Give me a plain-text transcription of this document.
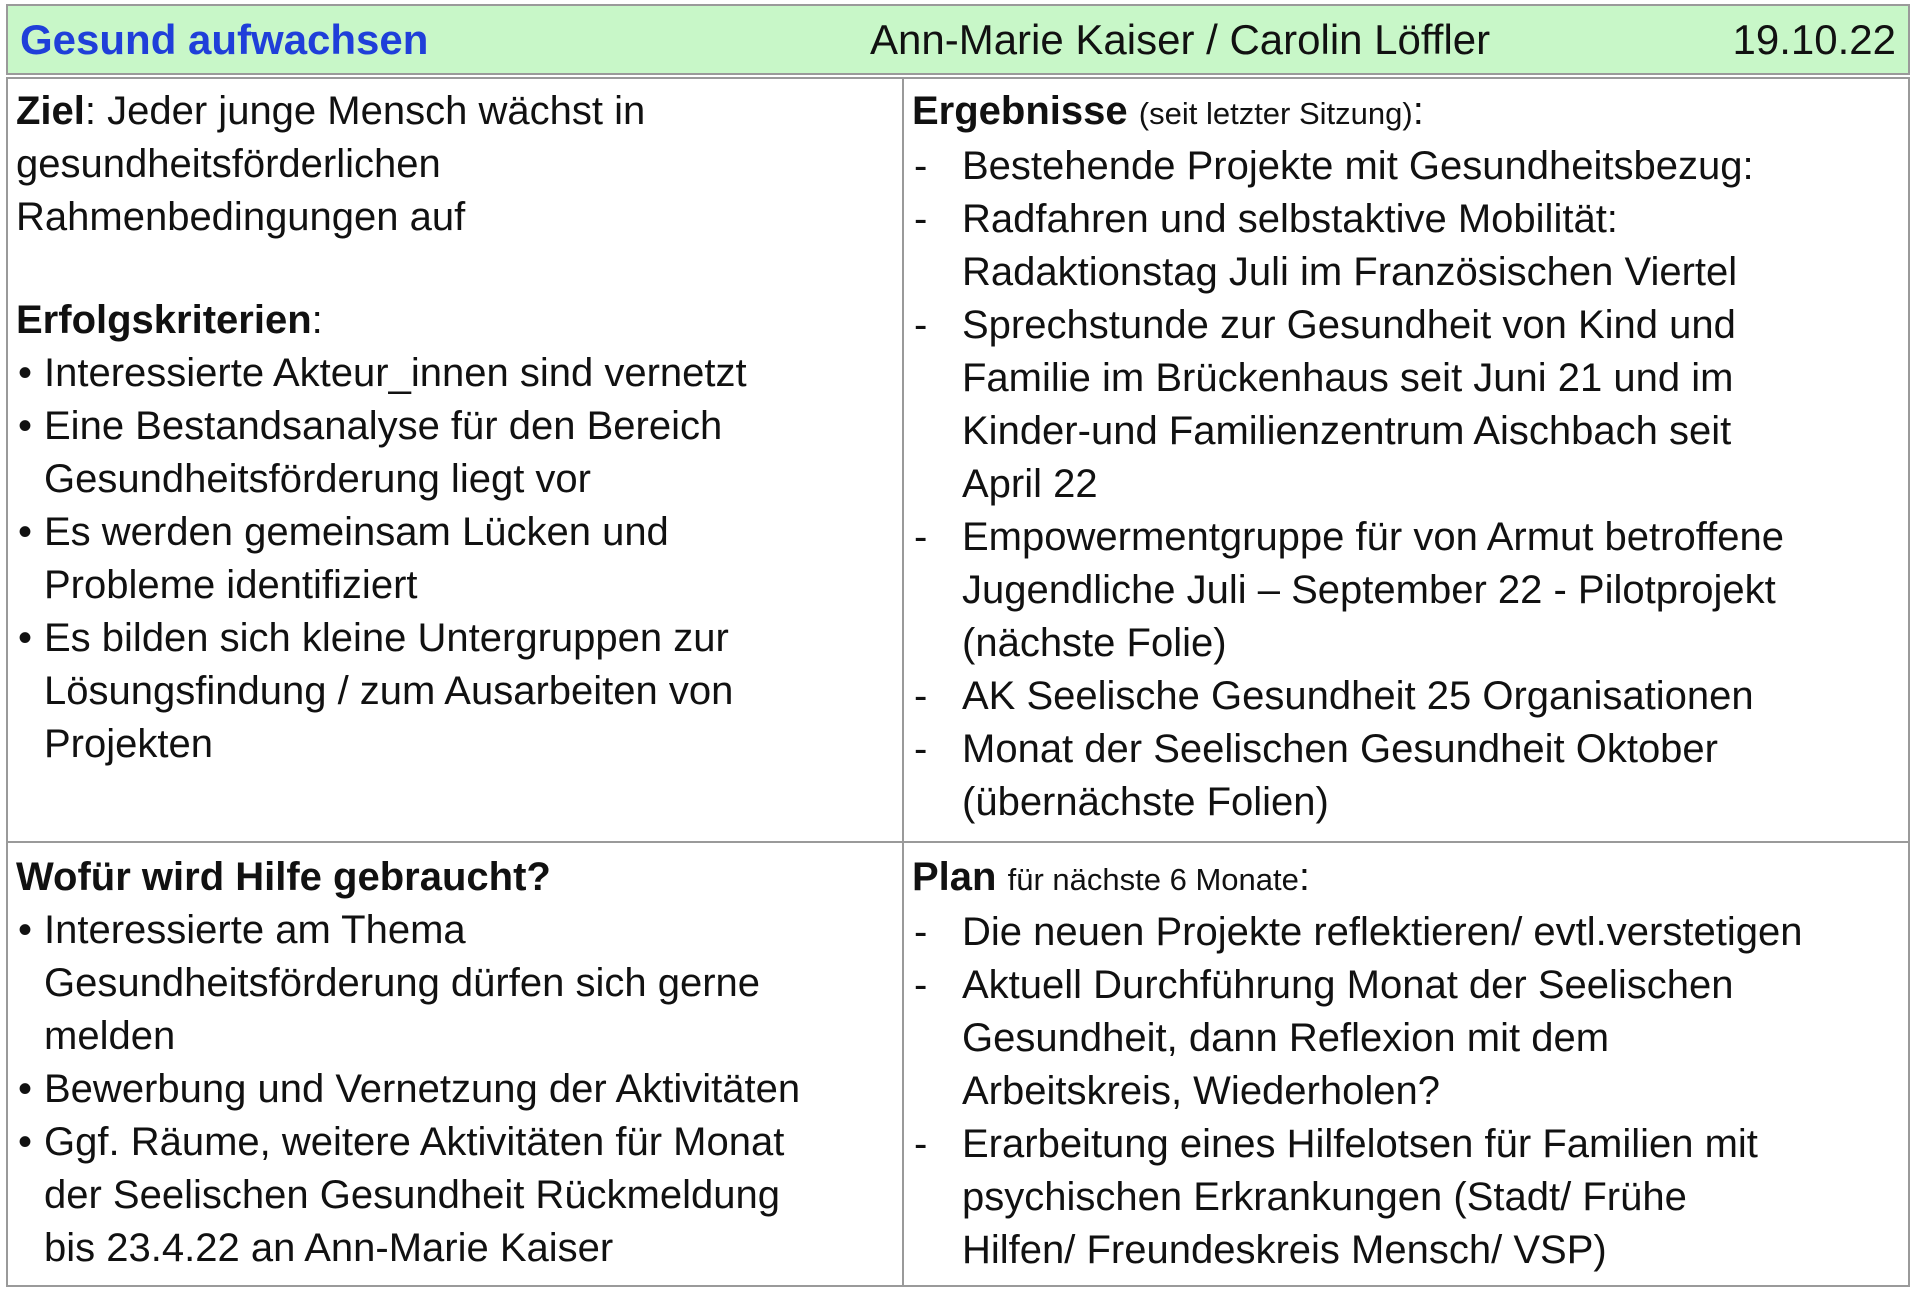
Gesund aufwachsen	Ann-Marie Kaiser / Carolin Löffler	19.10.22
Ziel: Jeder junge Mensch wächst in
gesundheitsförderlichen
Rahmenbedingungen auf
Erfolgskriterien:
• Interessierte Akteur_innen sind vernetzt
• Eine Bestandsanalyse für den Bereich
Gesundheitsförderung liegt vor
• Es werden gemeinsam Lücken und
Probleme identifiziert
• Es bilden sich kleine Untergruppen zur
Lösungsfindung / zum Ausarbeiten von
Projekten
Ergebnisse (seit letzter Sitzung):
- Bestehende Projekte mit Gesundheitsbezug:
- Radfahren und selbstaktive Mobilität:
Radaktionstag Juli im Französischen Viertel
- Sprechstunde zur Gesundheit von Kind und
Familie im Brückenhaus seit Juni 21 und im
Kinder-und Familienzentrum Aischbach seit
April 22
- Empowermentgruppe für von Armut betroffene
Jugendliche Juli – September 22 - Pilotprojekt
(nächste Folie)
- AK Seelische Gesundheit 25 Organisationen
- Monat der Seelischen Gesundheit Oktober
(übernächste Folien)
Wofür wird Hilfe gebraucht?
• Interessierte am Thema
Gesundheitsförderung dürfen sich gerne
melden
• Bewerbung und Vernetzung der Aktivitäten
• Ggf. Räume, weitere Aktivitäten für Monat
der Seelischen Gesundheit Rückmeldung
bis 23.4.22 an Ann-Marie Kaiser
Plan für nächste 6 Monate:
- Die neuen Projekte reflektieren/ evtl.verstetigen
- Aktuell Durchführung Monat der Seelischen
Gesundheit, dann Reflexion mit dem
Arbeitskreis, Wiederholen?
- Erarbeitung eines Hilfelotsen für Familien mit
psychischen Erkrankungen (Stadt/ Frühe
Hilfen/ Freundeskreis Mensch/ VSP)
